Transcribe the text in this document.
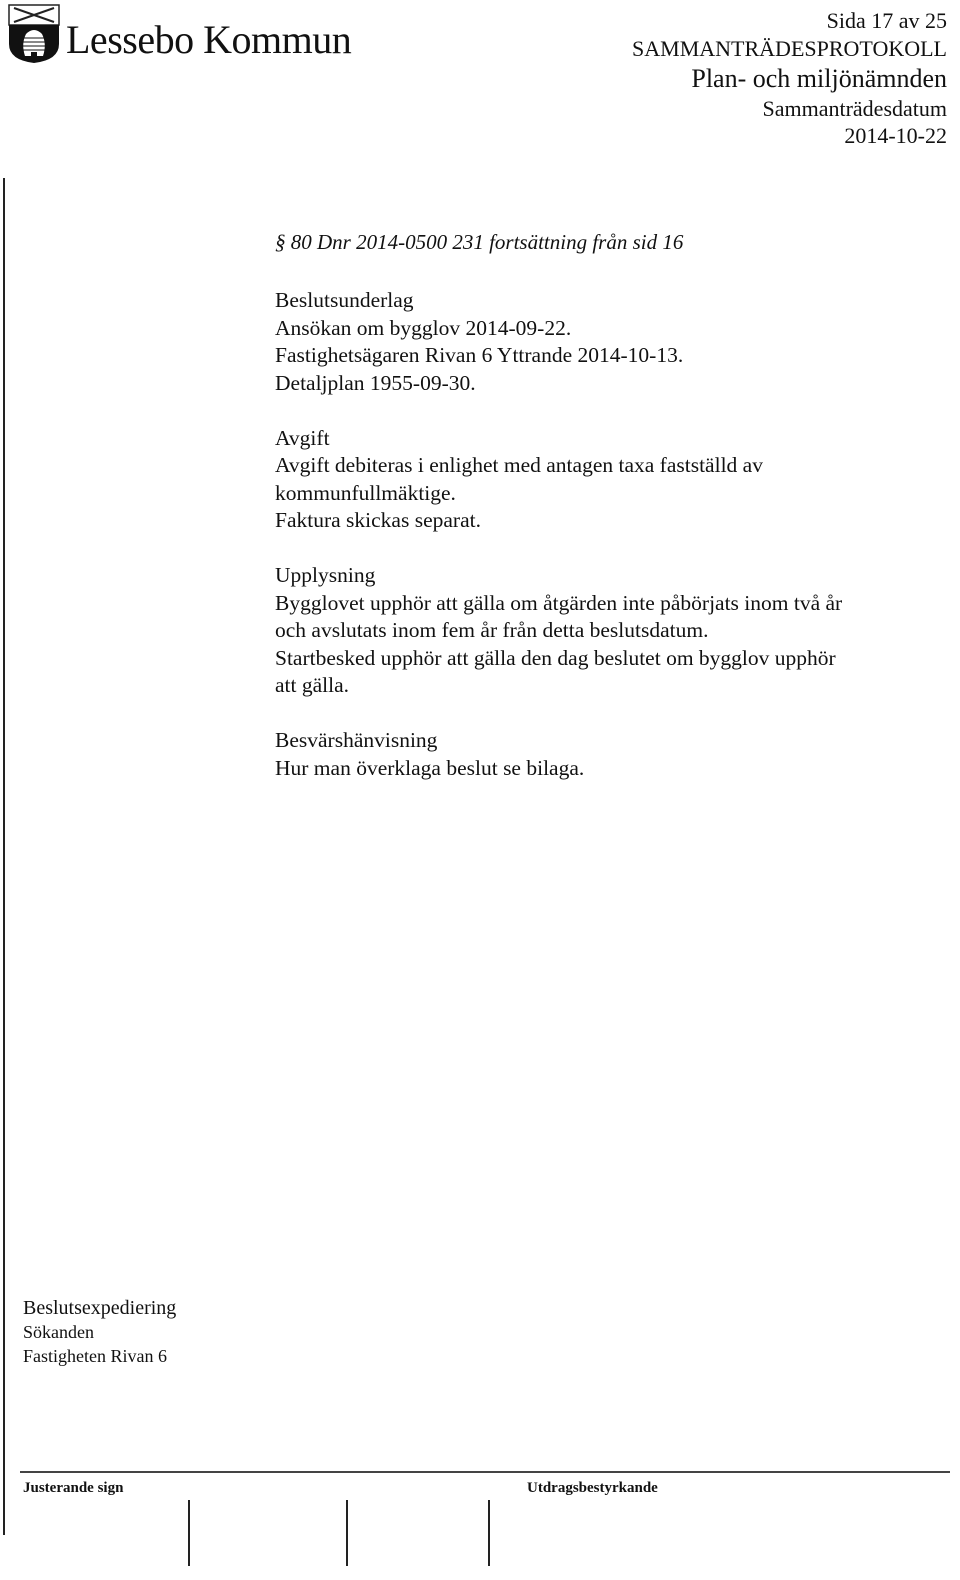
Lessebo Kommun	Sida 17 av 25
SAMMANTRÄDESPROTOKOLL
Plan- och miljönämnden
Sammanträdesdatum
2014-10-22
§ 80 Dnr 2014-0500 231 fortsättning från sid 16

Beslutsunderlag

Ansökan om bygglov 2014-09-22.

Fastighetsägaren Rivan 6 Yttrande 2014-10-13.

Detaljplan 1955-09-30.

Avgift

Avgift debiteras i enlighet med antagen taxa fastställd av

kommunfullmäktige.

Faktura skickas separat.

Upplysning

Bygglovet upphör att gälla om åtgärden inte påbörjats inom två år

och avslutats inom fem år från detta beslutsdatum.

Startbesked upphör att gälla den dag beslutet om bygglov upphör

att gälla.

Besvärshänvisning

Hur man överklaga beslut se bilaga.

Beslutsexpediering
Sökanden
Fastigheten Rivan 6
Justerande sign	Utdragsbestyrkande
